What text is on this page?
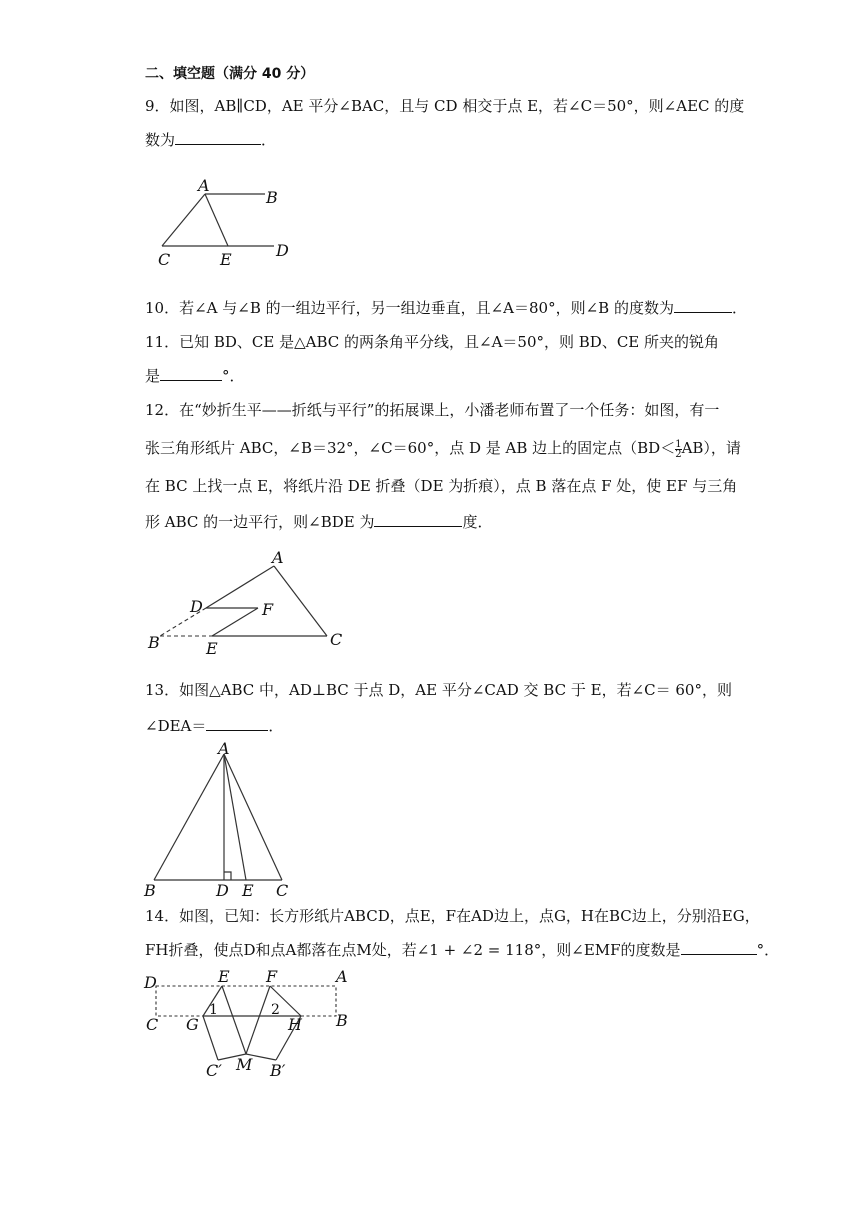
二、填空题（满分 40 分）
9．如图，AB∥CD，AE 平分∠BAC，且与 CD 相交于点 E，若∠C＝50°，则∠AEC 的度
数为	．
A
B
C	E	D
10．若∠A 与∠B 的一组边平行，另一组边垂直，且∠A＝80°，则∠B 的度数为	．
11．已知 BD、CE 是△ABC 的两条角平分线，且∠A＝50°，则 BD、CE 所夹的锐角
是	°．
12．在“妙折生平——折纸与平行”的拓展课上，小潘老师布置了一个任务：如图，有一
张三角形纸片 ABC，∠B＝32°，∠C＝60°，点 D 是 AB 边上的固定点$(BD< \frac{1}{2} AB)$，请
在 BC 上找一点 E，将纸片沿 DE 折叠（DE 为折痕），点 B 落在点 F 处，使 EF 与三角
形 ABC 的一边平行，则∠BDE 为	度．
A
D	F
B	E	C
13．如图△ABC 中，AD⊥BC 于点 D，AE 平分∠CAD 交 BC 于 E，若∠C＝ 60°，则
∠DEA＝	．
A
B	D E C
14．如图，已知：长方形纸片ABCD，点E，F在AD边上，点G，H在BC边上，分别沿EG，
FH折叠，使点D和点A都落在点M处，若∠1 + ∠2 = 118°，则∠EMF的度数是	°．
D	E F	A
C G	H B
1	2
M
C′	B′
